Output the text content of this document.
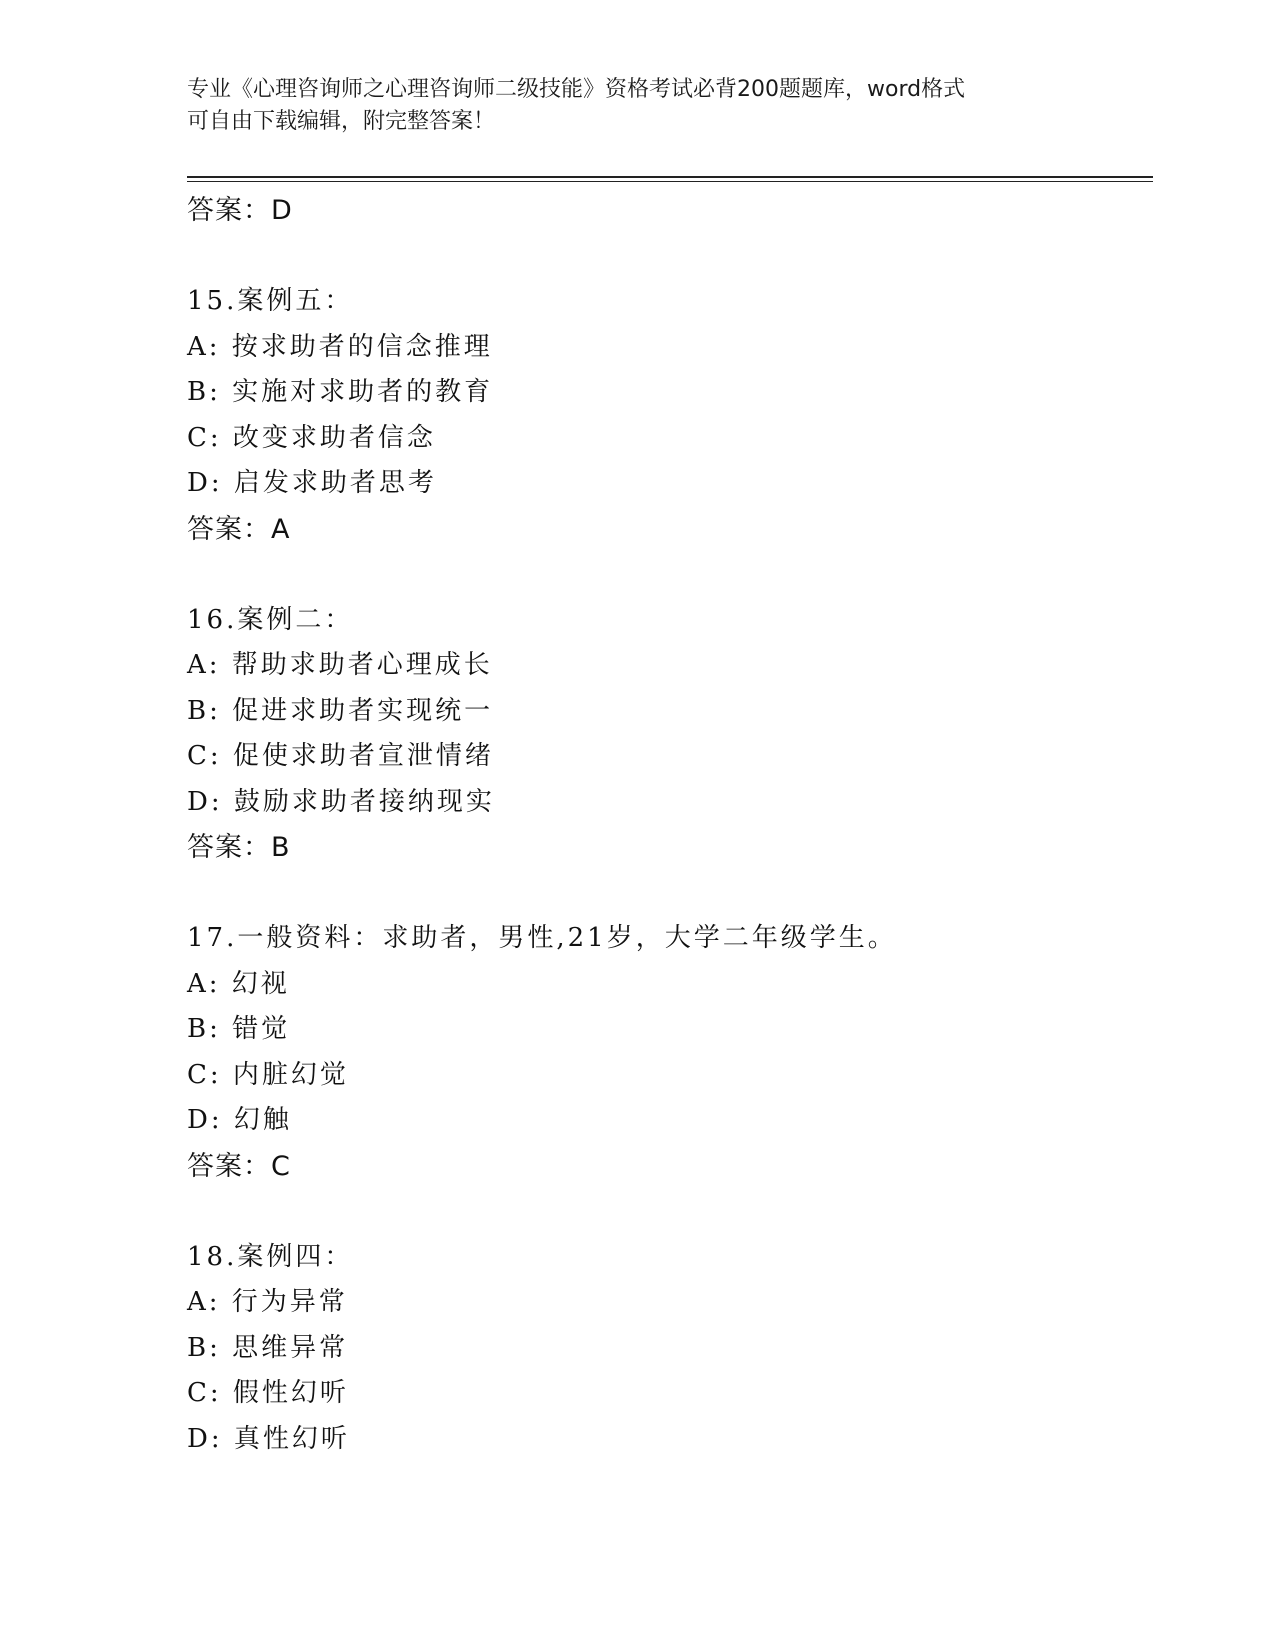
专业《心理咨询师之心理咨询师二级技能》资格考试必背200题题库，word格式
可自由下载编辑，附完整答案！
答案：D
15.案例五：
A: 按求助者的信念推理
B: 实施对求助者的教育
C: 改变求助者信念
D: 启发求助者思考
答案：A
16.案例二：
A: 帮助求助者心理成长
B: 促进求助者实现统一
C: 促使求助者宣泄情绪
D: 鼓励求助者接纳现实
答案：B
17.一般资料：求助者，男性,21岁，大学二年级学生。
A: 幻视
B: 错觉
C: 内脏幻觉
D: 幻触
答案：C
18.案例四：
A: 行为异常
B: 思维异常
C: 假性幻听
D: 真性幻听
